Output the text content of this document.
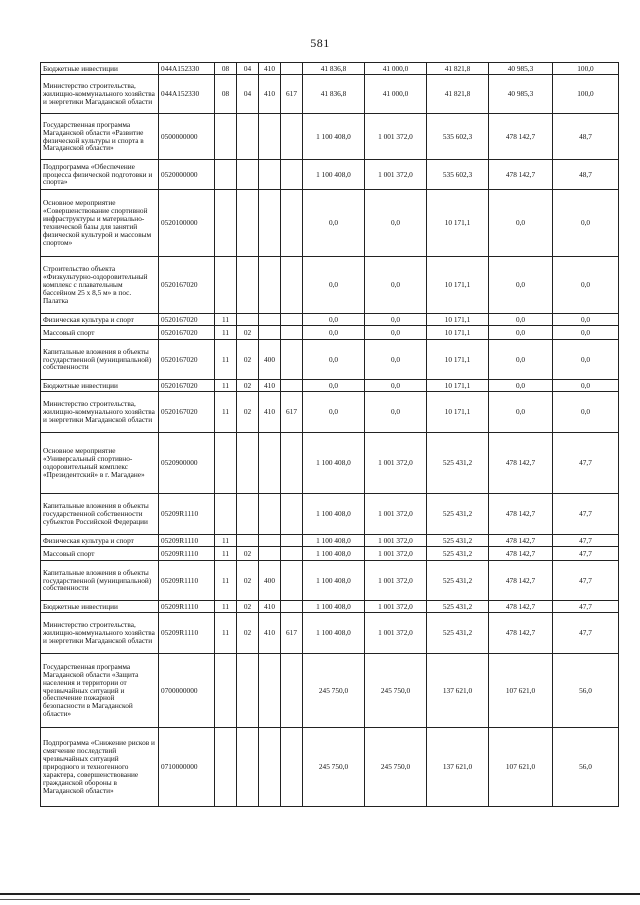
581
Бюджетные инвестиции	044A152330	08	04	410		41 836,8	41 000,0	41 821,8	40 985,3	100,0
Министерство строительства, жилищно-коммунального хозяйства и энергетики Магаданской области	044A152330	08	04	410	617	41 836,8	41 000,0	41 821,8	40 985,3	100,0
Государственная программа Магаданской области «Развитие физической культуры и спорта в Магаданской области»	0500000000					1 100 408,0	1 001 372,0	535 602,3	478 142,7	48,7
Подпрограмма «Обеспечение процесса физической подготовки и спорта»	0520000000					1 100 408,0	1 001 372,0	535 602,3	478 142,7	48,7
Основное мероприятие «Совершенствование спортивной инфраструктуры и материально-технической базы для занятий физической культурой и массовым спортом»	0520100000					0,0	0,0	10 171,1	0,0	0,0
Строительство объекта «Физкультурно-оздоровительный комплекс с плавательным бассейном 25 х 8,5 м» в пос. Палатка	0520167020					0,0	0,0	10 171,1	0,0	0,0
Физическая культура и спорт	0520167020	11				0,0	0,0	10 171,1	0,0	0,0
Массовый спорт	0520167020	11	02			0,0	0,0	10 171,1	0,0	0,0
Капитальные вложения в объекты государственной (муниципальной) собственности	0520167020	11	02	400		0,0	0,0	10 171,1	0,0	0,0
Бюджетные инвестиции	0520167020	11	02	410		0,0	0,0	10 171,1	0,0	0,0
Министерство строительства, жилищно-коммунального хозяйства и энергетики Магаданской области	0520167020	11	02	410	617	0,0	0,0	10 171,1	0,0	0,0
Основное мероприятие «Универсальный спортивно-оздоровительный комплекс «Президентский» в г. Магадане»	0520900000					1 100 408,0	1 001 372,0	525 431,2	478 142,7	47,7
Капитальные вложения в объекты государственной собственности субъектов Российской Федерации	05209R1110					1 100 408,0	1 001 372,0	525 431,2	478 142,7	47,7
Физическая культура и спорт	05209R1110	11				1 100 408,0	1 001 372,0	525 431,2	478 142,7	47,7
Массовый спорт	05209R1110	11	02			1 100 408,0	1 001 372,0	525 431,2	478 142,7	47,7
Капитальные вложения в объекты государственной (муниципальной) собственности	05209R1110	11	02	400		1 100 408,0	1 001 372,0	525 431,2	478 142,7	47,7
Бюджетные инвестиции	05209R1110	11	02	410		1 100 408,0	1 001 372,0	525 431,2	478 142,7	47,7
Министерство строительства, жилищно-коммунального хозяйства и энергетики Магаданской области	05209R1110	11	02	410	617	1 100 408,0	1 001 372,0	525 431,2	478 142,7	47,7
Государственная программа Магаданской области «Защита населения и территории от чрезвычайных ситуаций и обеспечение пожарной безопасности в Магаданской области»	0700000000					245 750,0	245 750,0	137 621,0	107 621,0	56,0
Подпрограмма «Снижение рисков и смягчение последствий чрезвычайных ситуаций природного и техногенного характера, совершенствование гражданской обороны в Магаданской области»	0710000000					245 750,0	245 750,0	137 621,0	107 621,0	56,0
